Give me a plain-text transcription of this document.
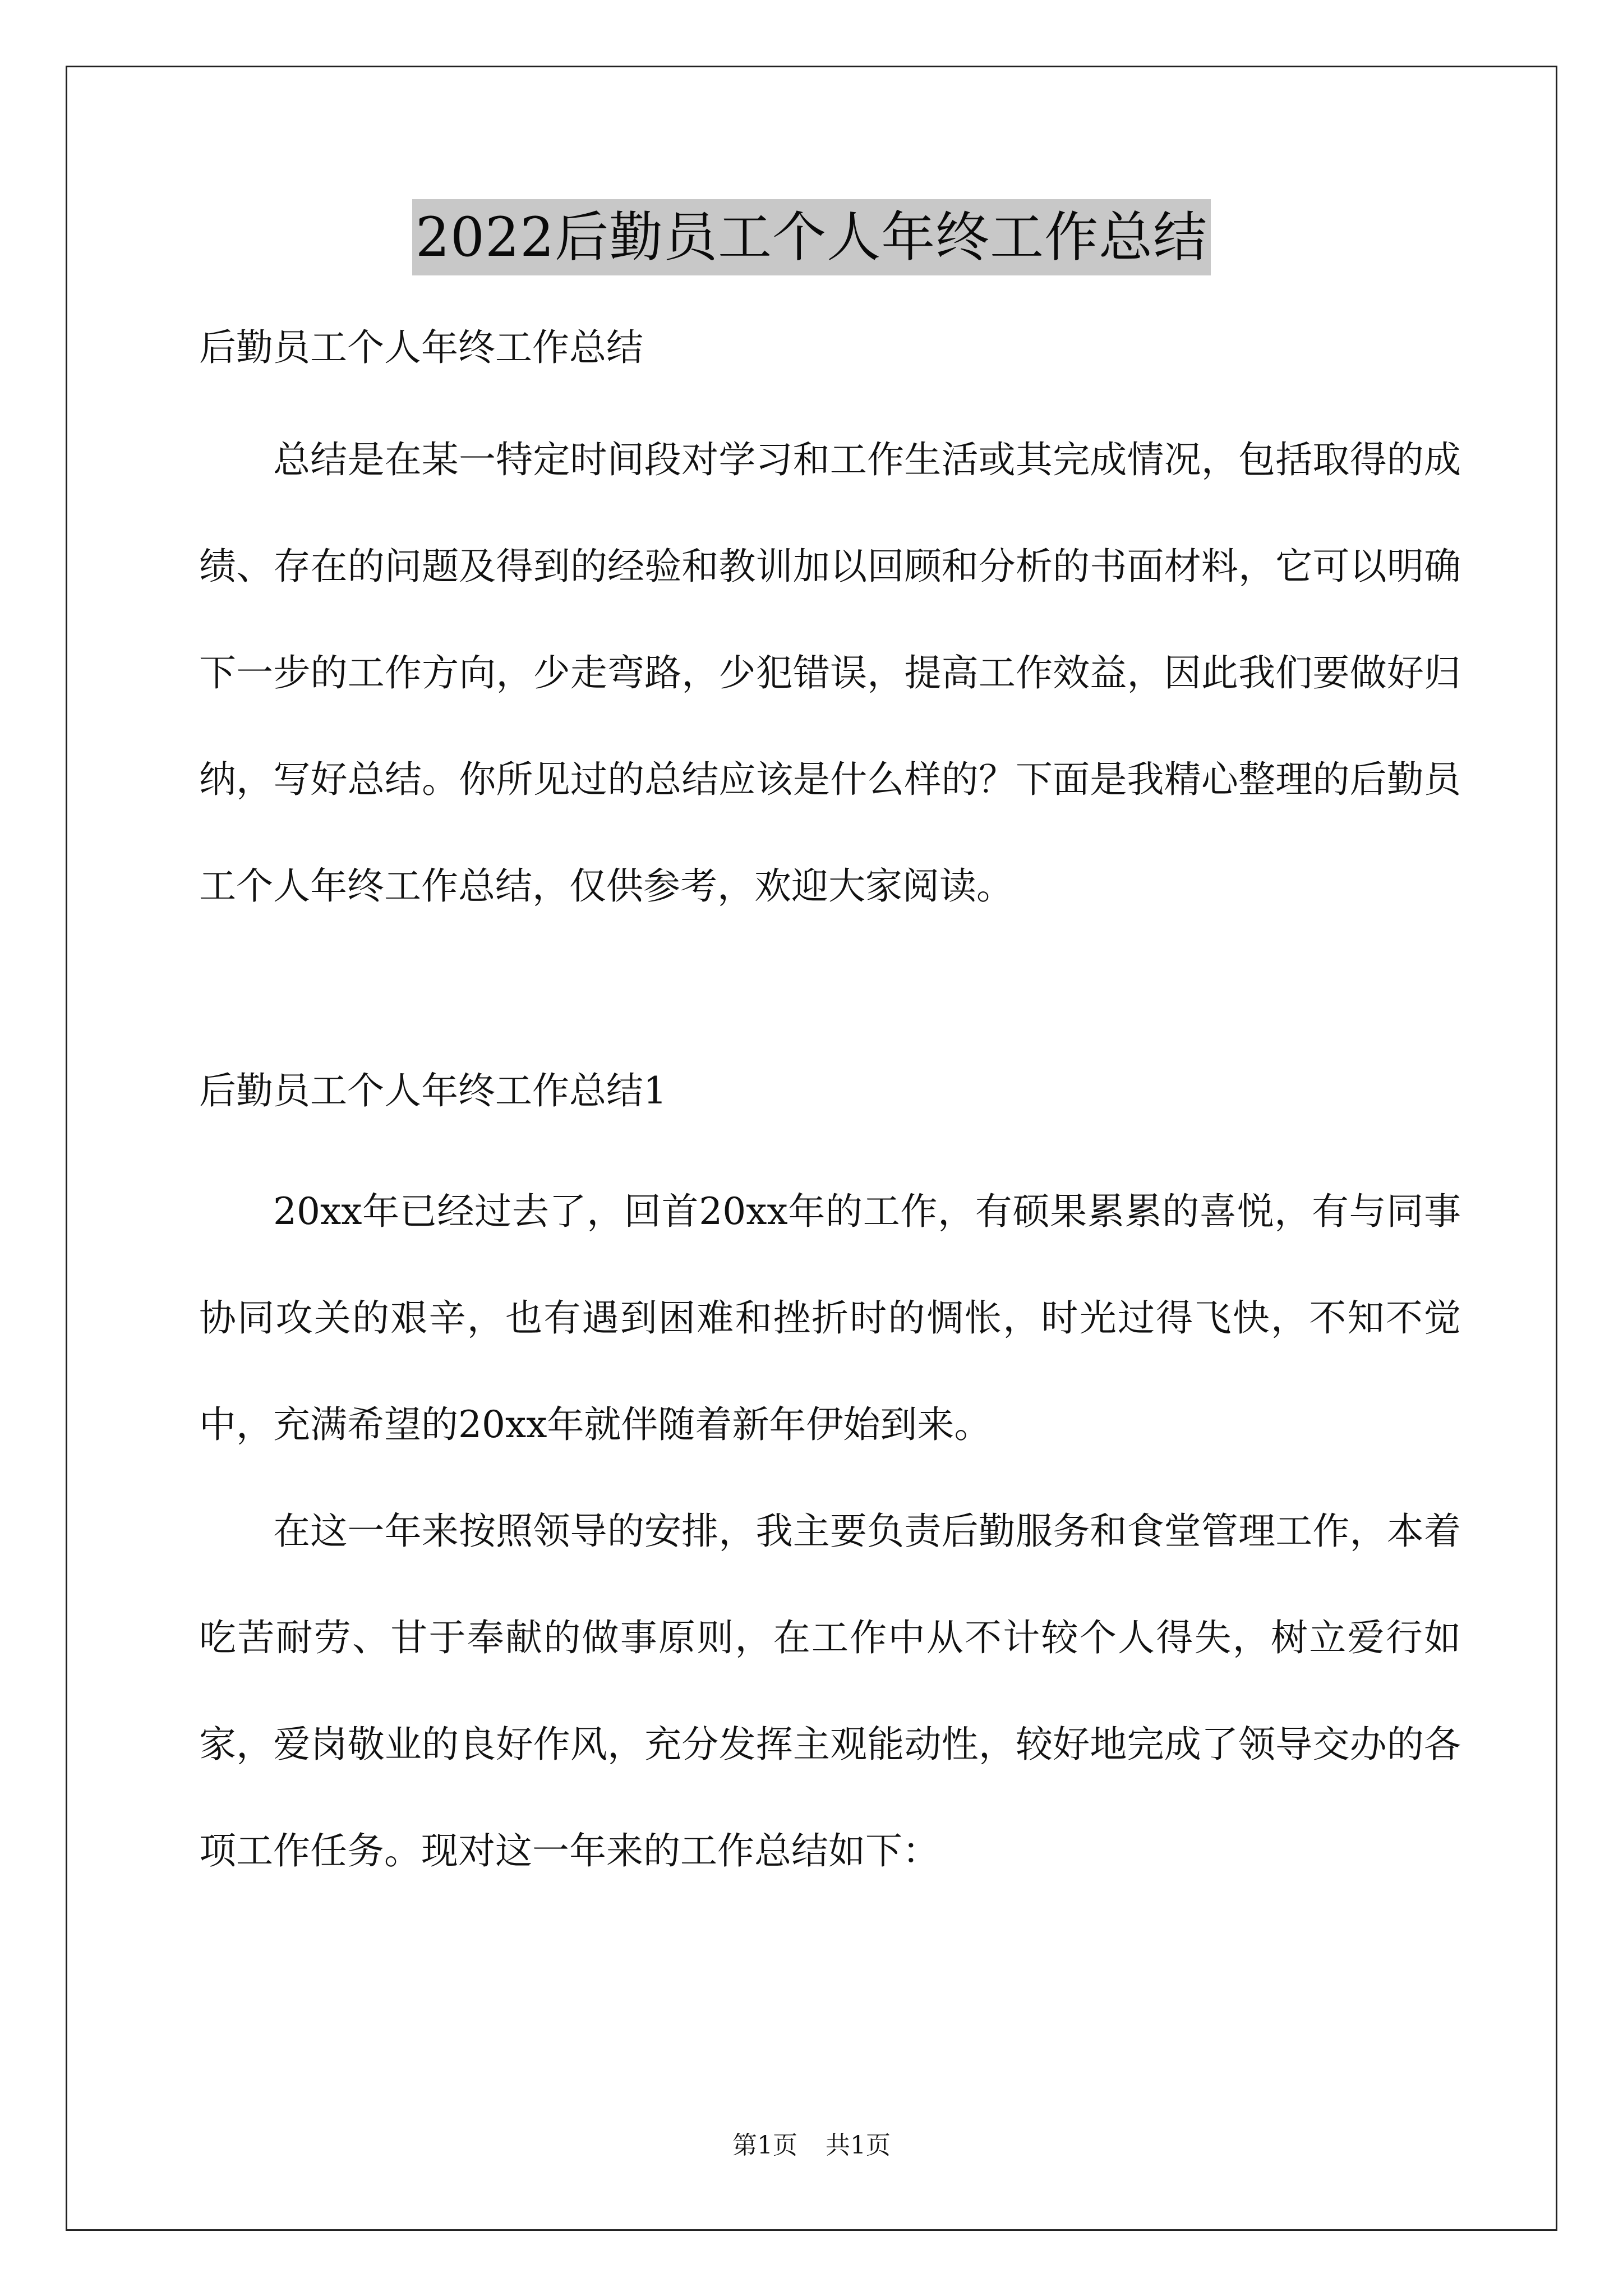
2022后勤员工个人年终工作总结

后勤员工个人年终工作总结

总结是在某一特定时间段对学习和工作生活或其完成情况，包括取得的成绩、存在的问题及得到的经验和教训加以回顾和分析的书面材料，它可以明确下一步的工作方向，少走弯路，少犯错误，提高工作效益，因此我们要做好归纳，写好总结。你所见过的总结应该是什么样的？下面是我精心整理的后勤员工个人年终工作总结，仅供参考，欢迎大家阅读。

后勤员工个人年终工作总结1

20xx年已经过去了，回首20xx年的工作，有硕果累累的喜悦，有与同事协同攻关的艰辛，也有遇到困难和挫折时的惆怅，时光过得飞快，不知不觉中，充满希望的20xx年就伴随着新年伊始到来。

在这一年来按照领导的安排，我主要负责后勤服务和食堂管理工作，本着吃苦耐劳、甘于奉献的做事原则，在工作中从不计较个人得失，树立爱行如家，爱岗敬业的良好作风，充分发挥主观能动性，较好地完成了领导交办的各项工作任务。现对这一年来的工作总结如下：

第1页 共1页
